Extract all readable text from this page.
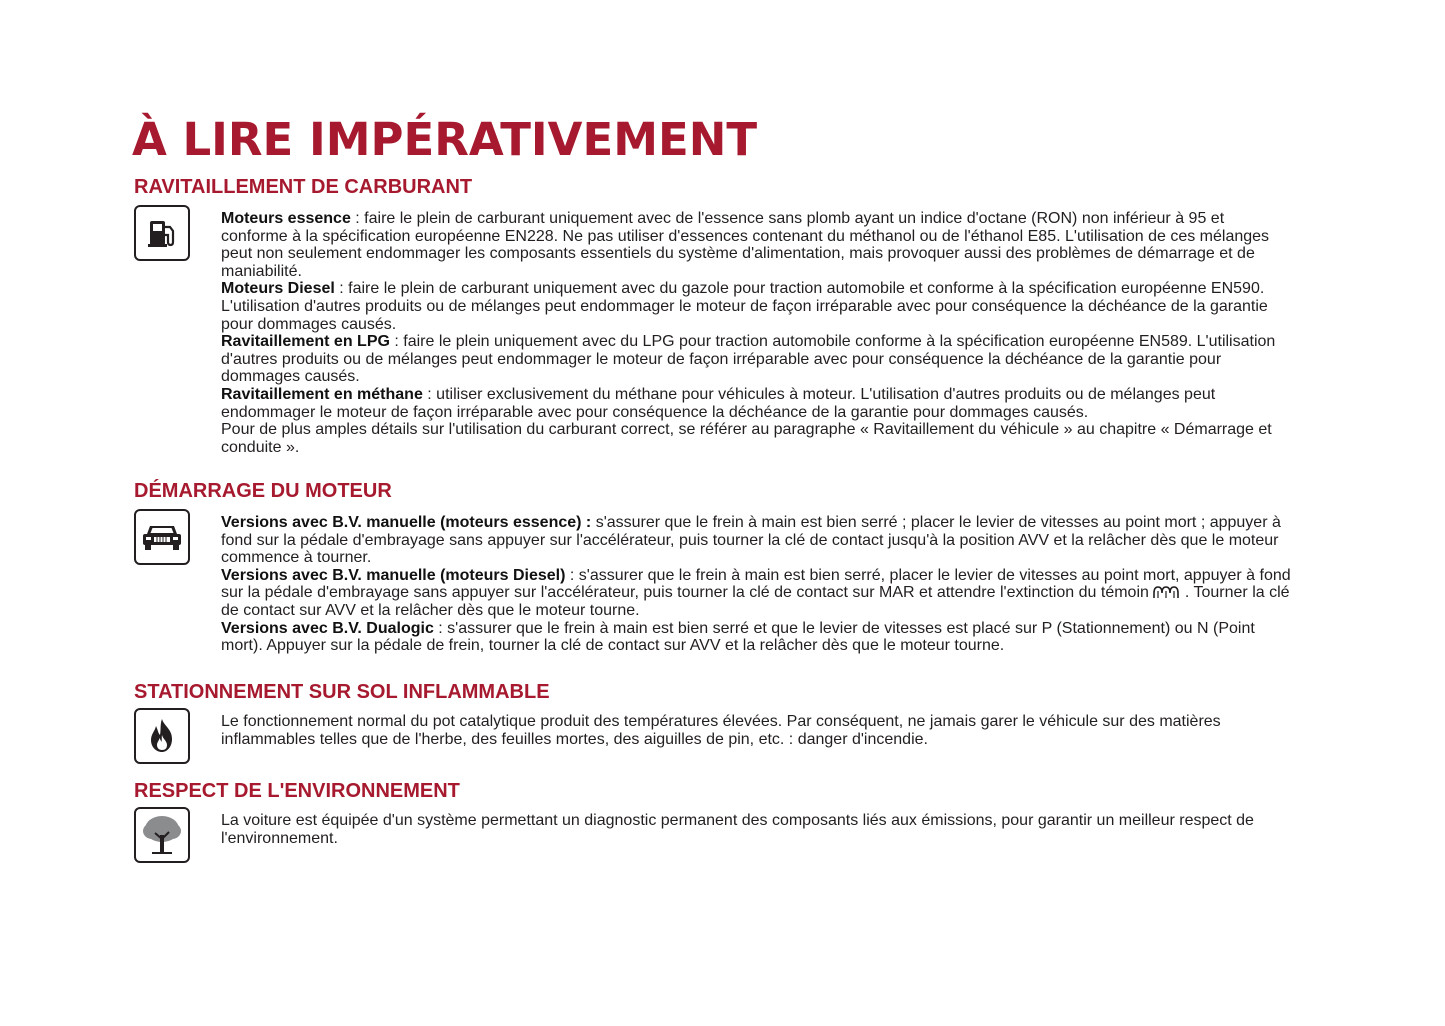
À LIRE IMPÉRATIVEMENT
RAVITAILLEMENT DE CARBURANT

Moteurs essence : faire le plein de carburant uniquement avec de l'essence sans plomb ayant un indice d'octane (RON) non inférieur à 95 et conforme à la spécification européenne EN228. Ne pas utiliser d'essences contenant du méthanol ou de l'éthanol E85. L'utilisation de ces mélanges peut non seulement endommager les composants essentiels du système d'alimentation, mais provoquer aussi des problèmes de démarrage et de maniabilité.

Moteurs Diesel : faire le plein de carburant uniquement avec du gazole pour traction automobile et conforme à la spécification européenne EN590. L'utilisation d'autres produits ou de mélanges peut endommager le moteur de façon irréparable avec pour conséquence la déchéance de la garantie pour dommages causés.

Ravitaillement en LPG : faire le plein uniquement avec du LPG pour traction automobile conforme à la spécification européenne EN589. L'utilisation d'autres produits ou de mélanges peut endommager le moteur de façon irréparable avec pour conséquence la déchéance de la garantie pour dommages causés.

Ravitaillement en méthane : utiliser exclusivement du méthane pour véhicules à moteur. L'utilisation d'autres produits ou de mélanges peut endommager le moteur de façon irréparable avec pour conséquence la déchéance de la garantie pour dommages causés.

Pour de plus amples détails sur l'utilisation du carburant correct, se référer au paragraphe « Ravitaillement du véhicule » au chapitre « Démarrage et conduite ».

DÉMARRAGE DU MOTEUR

Versions avec B.V. manuelle (moteurs essence) : s'assurer que le frein à main est bien serré ; placer le levier de vitesses au point mort ; appuyer à fond sur la pédale d'embrayage sans appuyer sur l'accélérateur, puis tourner la clé de contact jusqu'à la position AVV et la relâcher dès que le moteur commence à tourner.

Versions avec B.V. manuelle (moteurs Diesel) : s'assurer que le frein à main est bien serré, placer le levier de vitesses au point mort, appuyer à fond sur la pédale d'embrayage sans appuyer sur l'accélérateur, puis tourner la clé de contact sur MAR et attendre l'extinction du témoin . Tourner la clé de contact sur AVV et la relâcher dès que le moteur tourne.

Versions avec B.V. Dualogic : s'assurer que le frein à main est bien serré et que le levier de vitesses est placé sur P (Stationnement) ou N (Point mort). Appuyer sur la pédale de frein, tourner la clé de contact sur AVV et la relâcher dès que le moteur tourne.

STATIONNEMENT SUR SOL INFLAMMABLE

Le fonctionnement normal du pot catalytique produit des températures élevées. Par conséquent, ne jamais garer le véhicule sur des matières inflammables telles que de l'herbe, des feuilles mortes, des aiguilles de pin, etc. : danger d'incendie.

RESPECT DE L'ENVIRONNEMENT

La voiture est équipée d'un système permettant un diagnostic permanent des composants liés aux émissions, pour garantir un meilleur respect de l'environnement.
